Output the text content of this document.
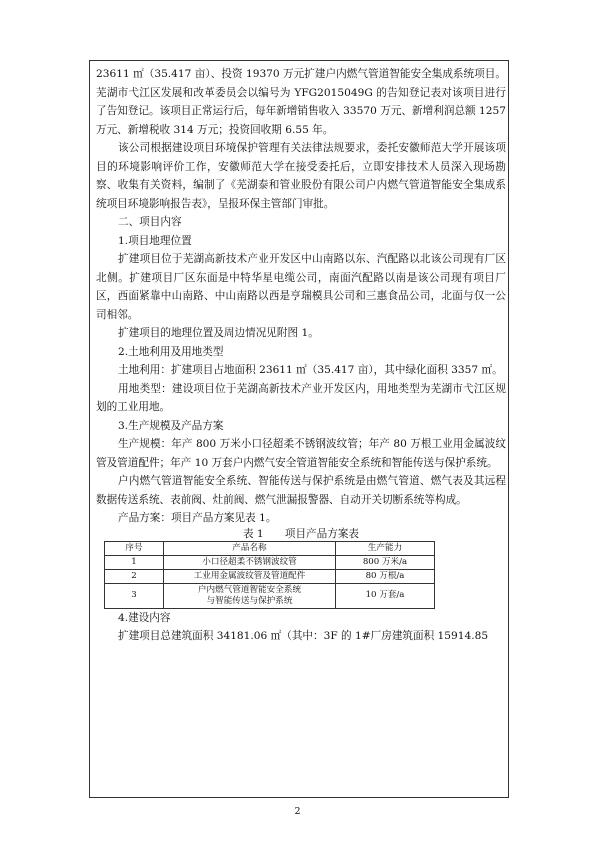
23611 ㎡（35.417 亩）、投资 19370 万元扩建户内燃气管道智能安全集成系统项目。芜湖市弋江区发展和改革委员会以编号为 YFG2015049G 的告知登记表对该项目进行了告知登记。该项目正常运行后，每年新增销售收入 33570 万元、新增利润总额 1257 万元、新增税收 314 万元；投资回收期 6.55 年。

该公司根据建设项目环境保护管理有关法律法规要求，委托安徽师范大学开展该项目的环境影响评价工作，安徽师范大学在接受委托后，立即安排技术人员深入现场勘察、收集有关资料，编制了《芜湖泰和管业股份有限公司户内燃气管道智能安全集成系统项目环境影响报告表》，呈报环保主管部门审批。

二、项目内容

1.项目地理位置

扩建项目位于芜湖高新技术产业开发区中山南路以东、汽配路以北该公司现有厂区北侧。扩建项目厂区东面是中特华星电缆公司，南面汽配路以南是该公司现有项目厂区，西面紧靠中山南路、中山南路以西是亨瑞模具公司和三惠食品公司，北面与仅一公司相邻。

扩建项目的地理位置及周边情况见附图 1。

2.土地利用及用地类型

土地利用：扩建项目占地面积 23611 ㎡（35.417 亩），其中绿化面积 3357 ㎡。

用地类型：建设项目位于芜湖高新技术产业开发区内，用地类型为芜湖市弋江区规划的工业用地。

3.生产规模及产品方案

生产规模：年产 800 万米小口径超柔不锈钢波纹管；年产 80 万根工业用金属波纹管及管道配件；年产 10 万套户内燃气安全管道智能安全系统和智能传送与保护系统。

户内燃气管道智能安全系统、智能传送与保护系统是由燃气管道、燃气表及其远程数据传送系统、表前阀、灶前阀、燃气泄漏报警器、自动开关切断系统等构成。

产品方案：项目产品方案见表 1。

表 1　　项目产品方案表
序号	产品名称	生产能力
1	小口径超柔不锈钢波纹管	800 万米/a
2	工业用金属波纹管及管道配件	80 万根/a
3	户内燃气管道智能安全系统
与智能传送与保护系统	10 万套/a

4.建设内容

扩建项目总建筑面积 34181.06 ㎡（其中：3F 的 1#厂房建筑面积 15914.85

2
